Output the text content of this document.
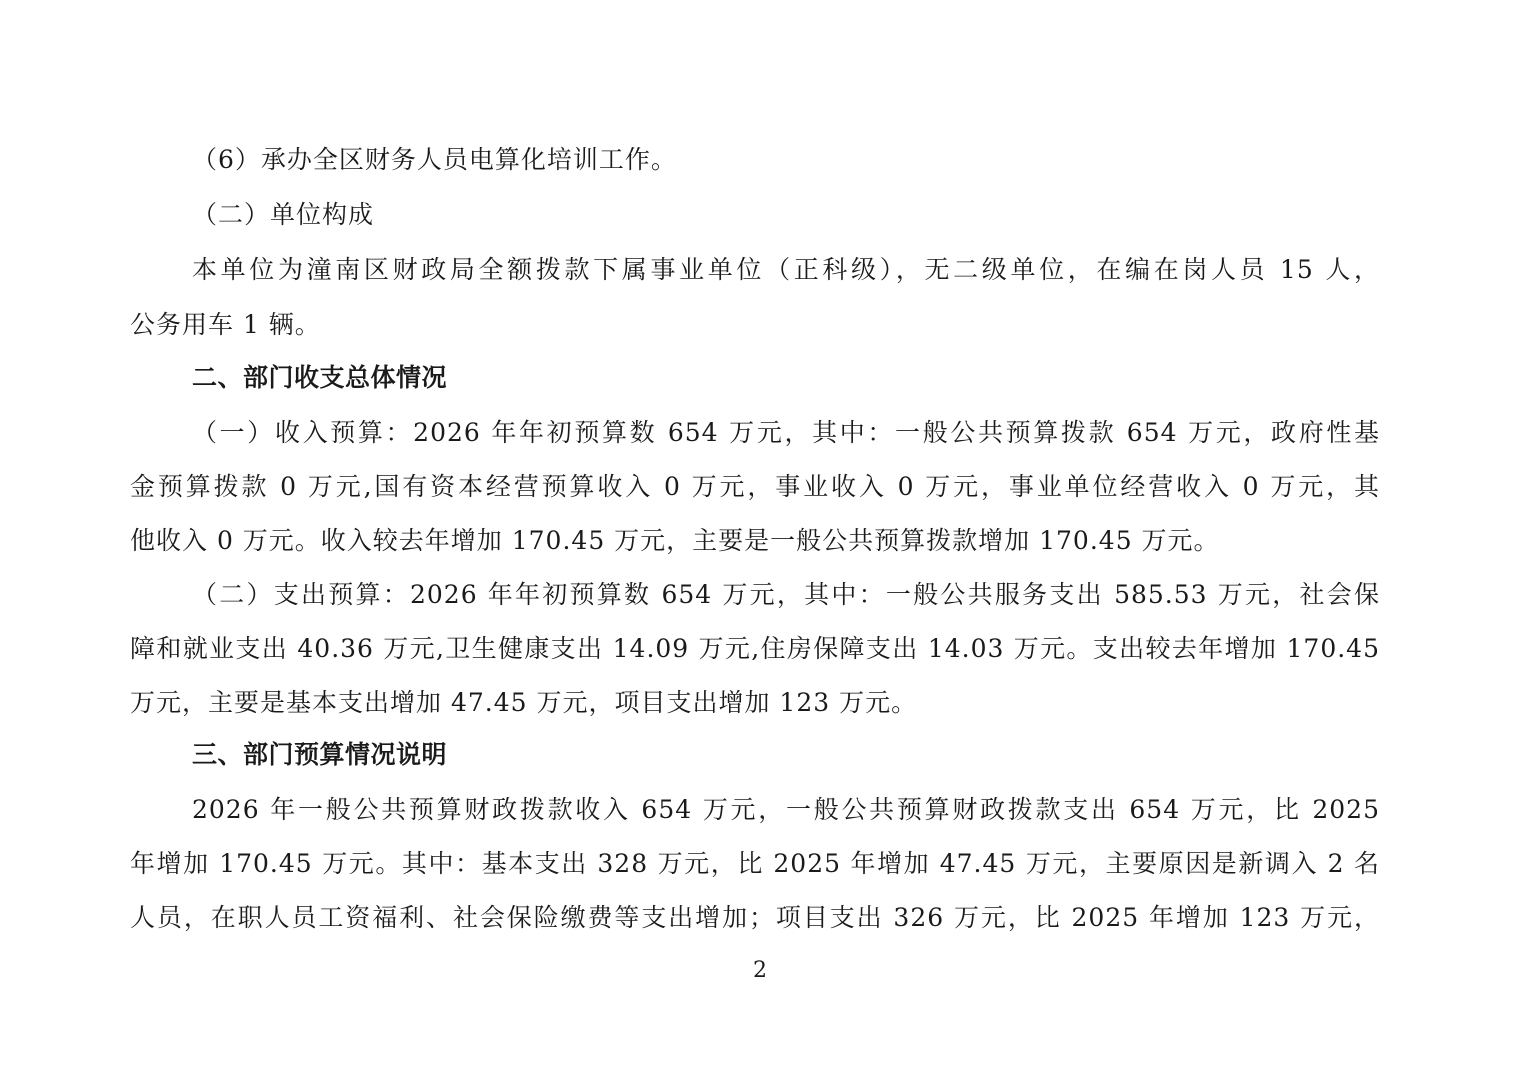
（6）承办全区财务人员电算化培训工作。
（二）单位构成
本单位为潼南区财政局全额拨款下属事业单位（正科级），无二级单位，在编在岗人员 15 人，
公务用车 1 辆。
二、部门收支总体情况
（一）收入预算：2026 年年初预算数 654 万元，其中：一般公共预算拨款 654 万元，政府性基
金预算拨款 0 万元,国有资本经营预算收入 0 万元，事业收入 0 万元，事业单位经营收入 0 万元，其
他收入 0 万元。收入较去年增加 170.45 万元，主要是一般公共预算拨款增加 170.45 万元。
（二）支出预算：2026 年年初预算数 654 万元，其中：一般公共服务支出 585.53 万元，社会保
障和就业支出 40.36 万元,卫生健康支出 14.09 万元,住房保障支出 14.03 万元。支出较去年增加 170.45
万元，主要是基本支出增加 47.45 万元，项目支出增加 123 万元。
三、部门预算情况说明
2026 年一般公共预算财政拨款收入 654 万元，一般公共预算财政拨款支出 654 万元，比 2025
年增加 170.45 万元。其中：基本支出 328 万元，比 2025 年增加 47.45 万元，主要原因是新调入 2 名
人员，在职人员工资福利、社会保险缴费等支出增加；项目支出 326 万元，比 2025 年增加 123 万元，
2
